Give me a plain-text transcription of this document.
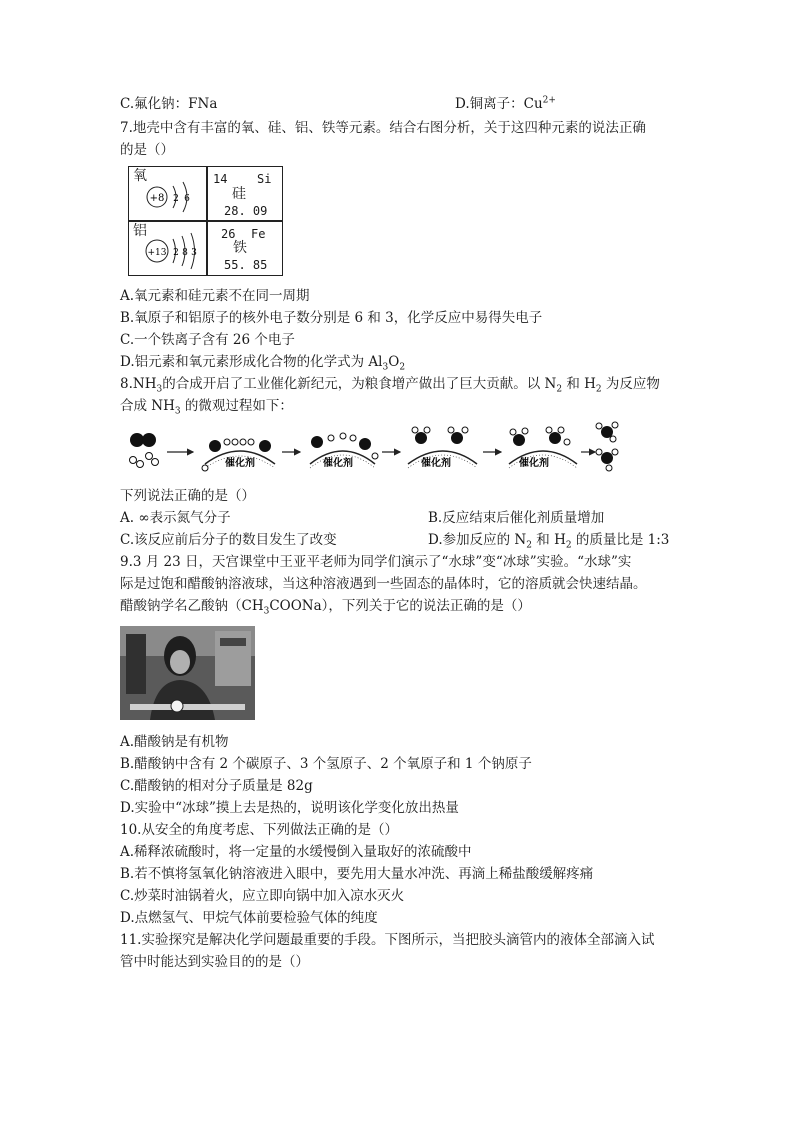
C.氟化钠：FNa	D.铜离子：$Cu^{2+}$
7.地壳中含有丰富的氧、硅、铝、铁等元素。结合右图分析，关于这四种元素的说法正确
的是（）
氧
+8 2 6
14 Si
硅
28. 09
铝
+13 2 8 3
26 Fe
铁
55. 85
A.氧元素和硅元素不在同一周期
B.氧原子和铝原子的核外电子数分别是 6 和 3，化学反应中易得失电子
C.一个铁离子含有 26 个电子
D.铝元素和氧元素形成化合物的化学式为 $Al_3O_2$
$8.NH_3$的合成开启了工业催化新纪元，为粮食增产做出了巨大贡献。以 $N_2$ 和 $H_2$ 为反应物
合成 $NH_3$ 的微观过程如下：
催化剂	催化剂	催化剂	催化剂
下列说法正确的是（）
A. ∞表示氮气分子	B.反应结束后催化剂质量增加
C.该反应前后分子的数目发生了改变	D.参加反应的 $N_2$ 和 $H_2$ 的质量比是 1:3
9.3 月 23 日，天宫课堂中王亚平老师为同学们演示了“水球”变“冰球”实验。“水球”实
际是过饱和醋酸钠溶液球，当这种溶液遇到一些固态的晶体时，它的溶质就会快速结晶。
醋酸钠学名乙酸钠$(CH_3COONa)$，下列关于它的说法正确的是（）
A.醋酸钠是有机物
B.醋酸钠中含有 2 个碳原子、3 个氢原子、2 个氧原子和 1 个钠原子
C.醋酸钠的相对分子质量是 82g
D.实验中“冰球”摸上去是热的，说明该化学变化放出热量
10.从安全的角度考虑、下列做法正确的是（）
A.稀释浓硫酸时，将一定量的水缓慢倒入量取好的浓硫酸中
B.若不慎将氢氧化钠溶液进入眼中，要先用大量水冲洗、再滴上稀盐酸缓解疼痛
C.炒菜时油锅着火，应立即向锅中加入凉水灭火
D.点燃氢气、甲烷气体前要检验气体的纯度
11.实验探究是解决化学问题最重要的手段。下图所示，当把胶头滴管内的液体全部滴入试
管中时能达到实验目的的是（）
